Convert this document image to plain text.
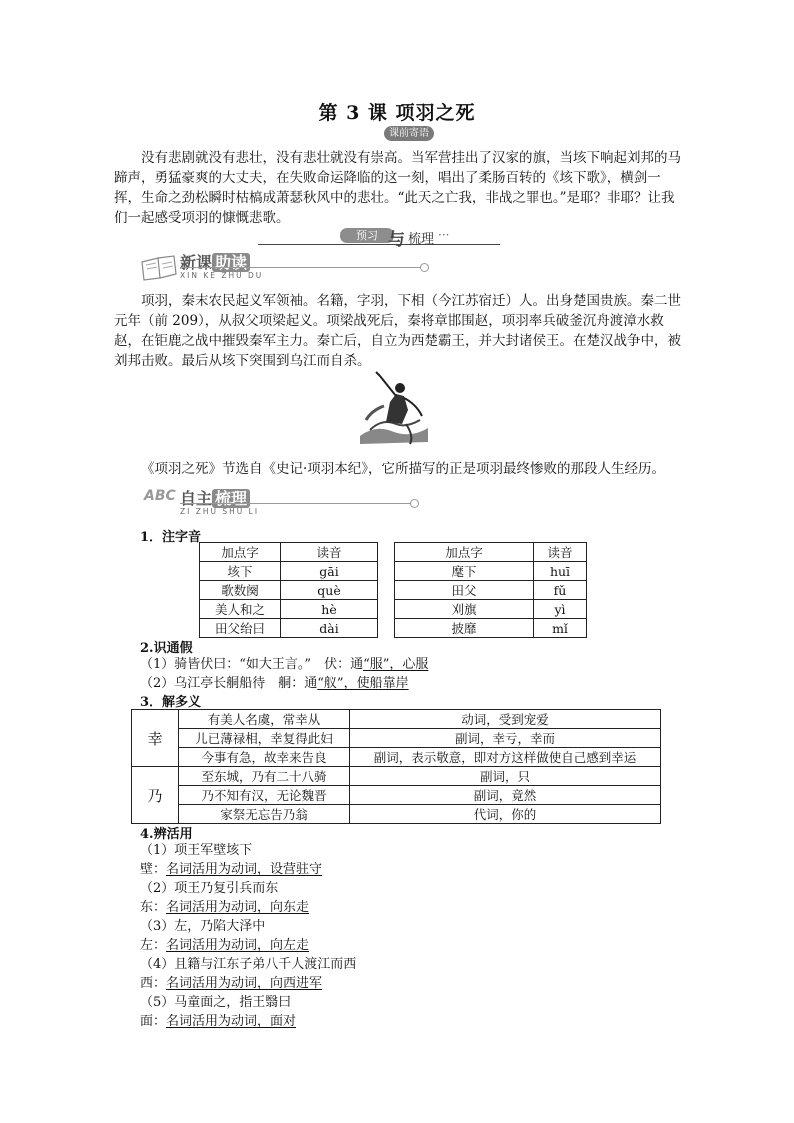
第 3 课 项羽之死
课前寄语

没有悲剧就没有悲壮，没有悲壮就没有崇高。当军营挂出了汉家的旗，当垓下响起刘邦的马蹄声，勇猛豪爽的大丈夫，在失败命运降临的这一刻，唱出了柔肠百转的《垓下歌》，横剑一挥，生命之劲松瞬时枯槁成萧瑟秋风中的悲壮。“此天之亡我，非战之罪也。”是耶？非耶？让我们一起感受项羽的慷慨悲歌。

预习 与 梳理 ···
新课 助读
XIN KE ZHU DU

项羽，秦末农民起义军领袖。名籍，字羽，下相（今江苏宿迁）人。出身楚国贵族。秦二世元年（前 209），从叔父项梁起义。项梁战死后，秦将章邯围赵，项羽率兵破釜沉舟渡漳水救赵，在钜鹿之战中摧毁秦军主力。秦亡后，自立为西楚霸王，并大封诸侯王。在楚汉战争中，被刘邦击败。最后从垓下突围到乌江而自杀。

《项羽之死》节选自《史记·项羽本纪》，它所描写的正是项羽最终惨败的那段人生经历。

ABC 自主 梳理
ZI ZHU SHU LI
1．注字音
加点字	读音		加点字	读音
垓下	gāi		麾下	huī
歌数阕	què		田父	fǔ
美人和之	hè		刈旗	yì
田父绐曰	dài		披靡	mǐ
2.识通假
（1）骑皆伏曰：“如大王言。”　伏：通“服”，心服
（2）乌江亭长𦨴船待　𦨴：通“舣”，使船靠岸
3．解多义
幸	有美人名虞，常幸从	动词，受到宠爱
	儿已薄禄相，幸复得此妇	副词，幸亏，幸而
	今事有急，故幸来告良	副词，表示敬意，即对方这样做使自己感到幸运
乃	至东城，乃有二十八骑	副词，只
	乃不知有汉，无论魏晋	副词，竟然
	家祭无忘告乃翁	代词，你的
4.辨活用
（1）项王军壁垓下
壁：名词活用为动词，设营驻守
（2）项王乃复引兵而东
东：名词活用为动词，向东走
（3）左，乃陷大泽中
左：名词活用为动词，向左走
（4）且籍与江东子弟八千人渡江而西
西：名词活用为动词，向西进军
（5）马童面之，指王翳曰
面：名词活用为动词，面对
